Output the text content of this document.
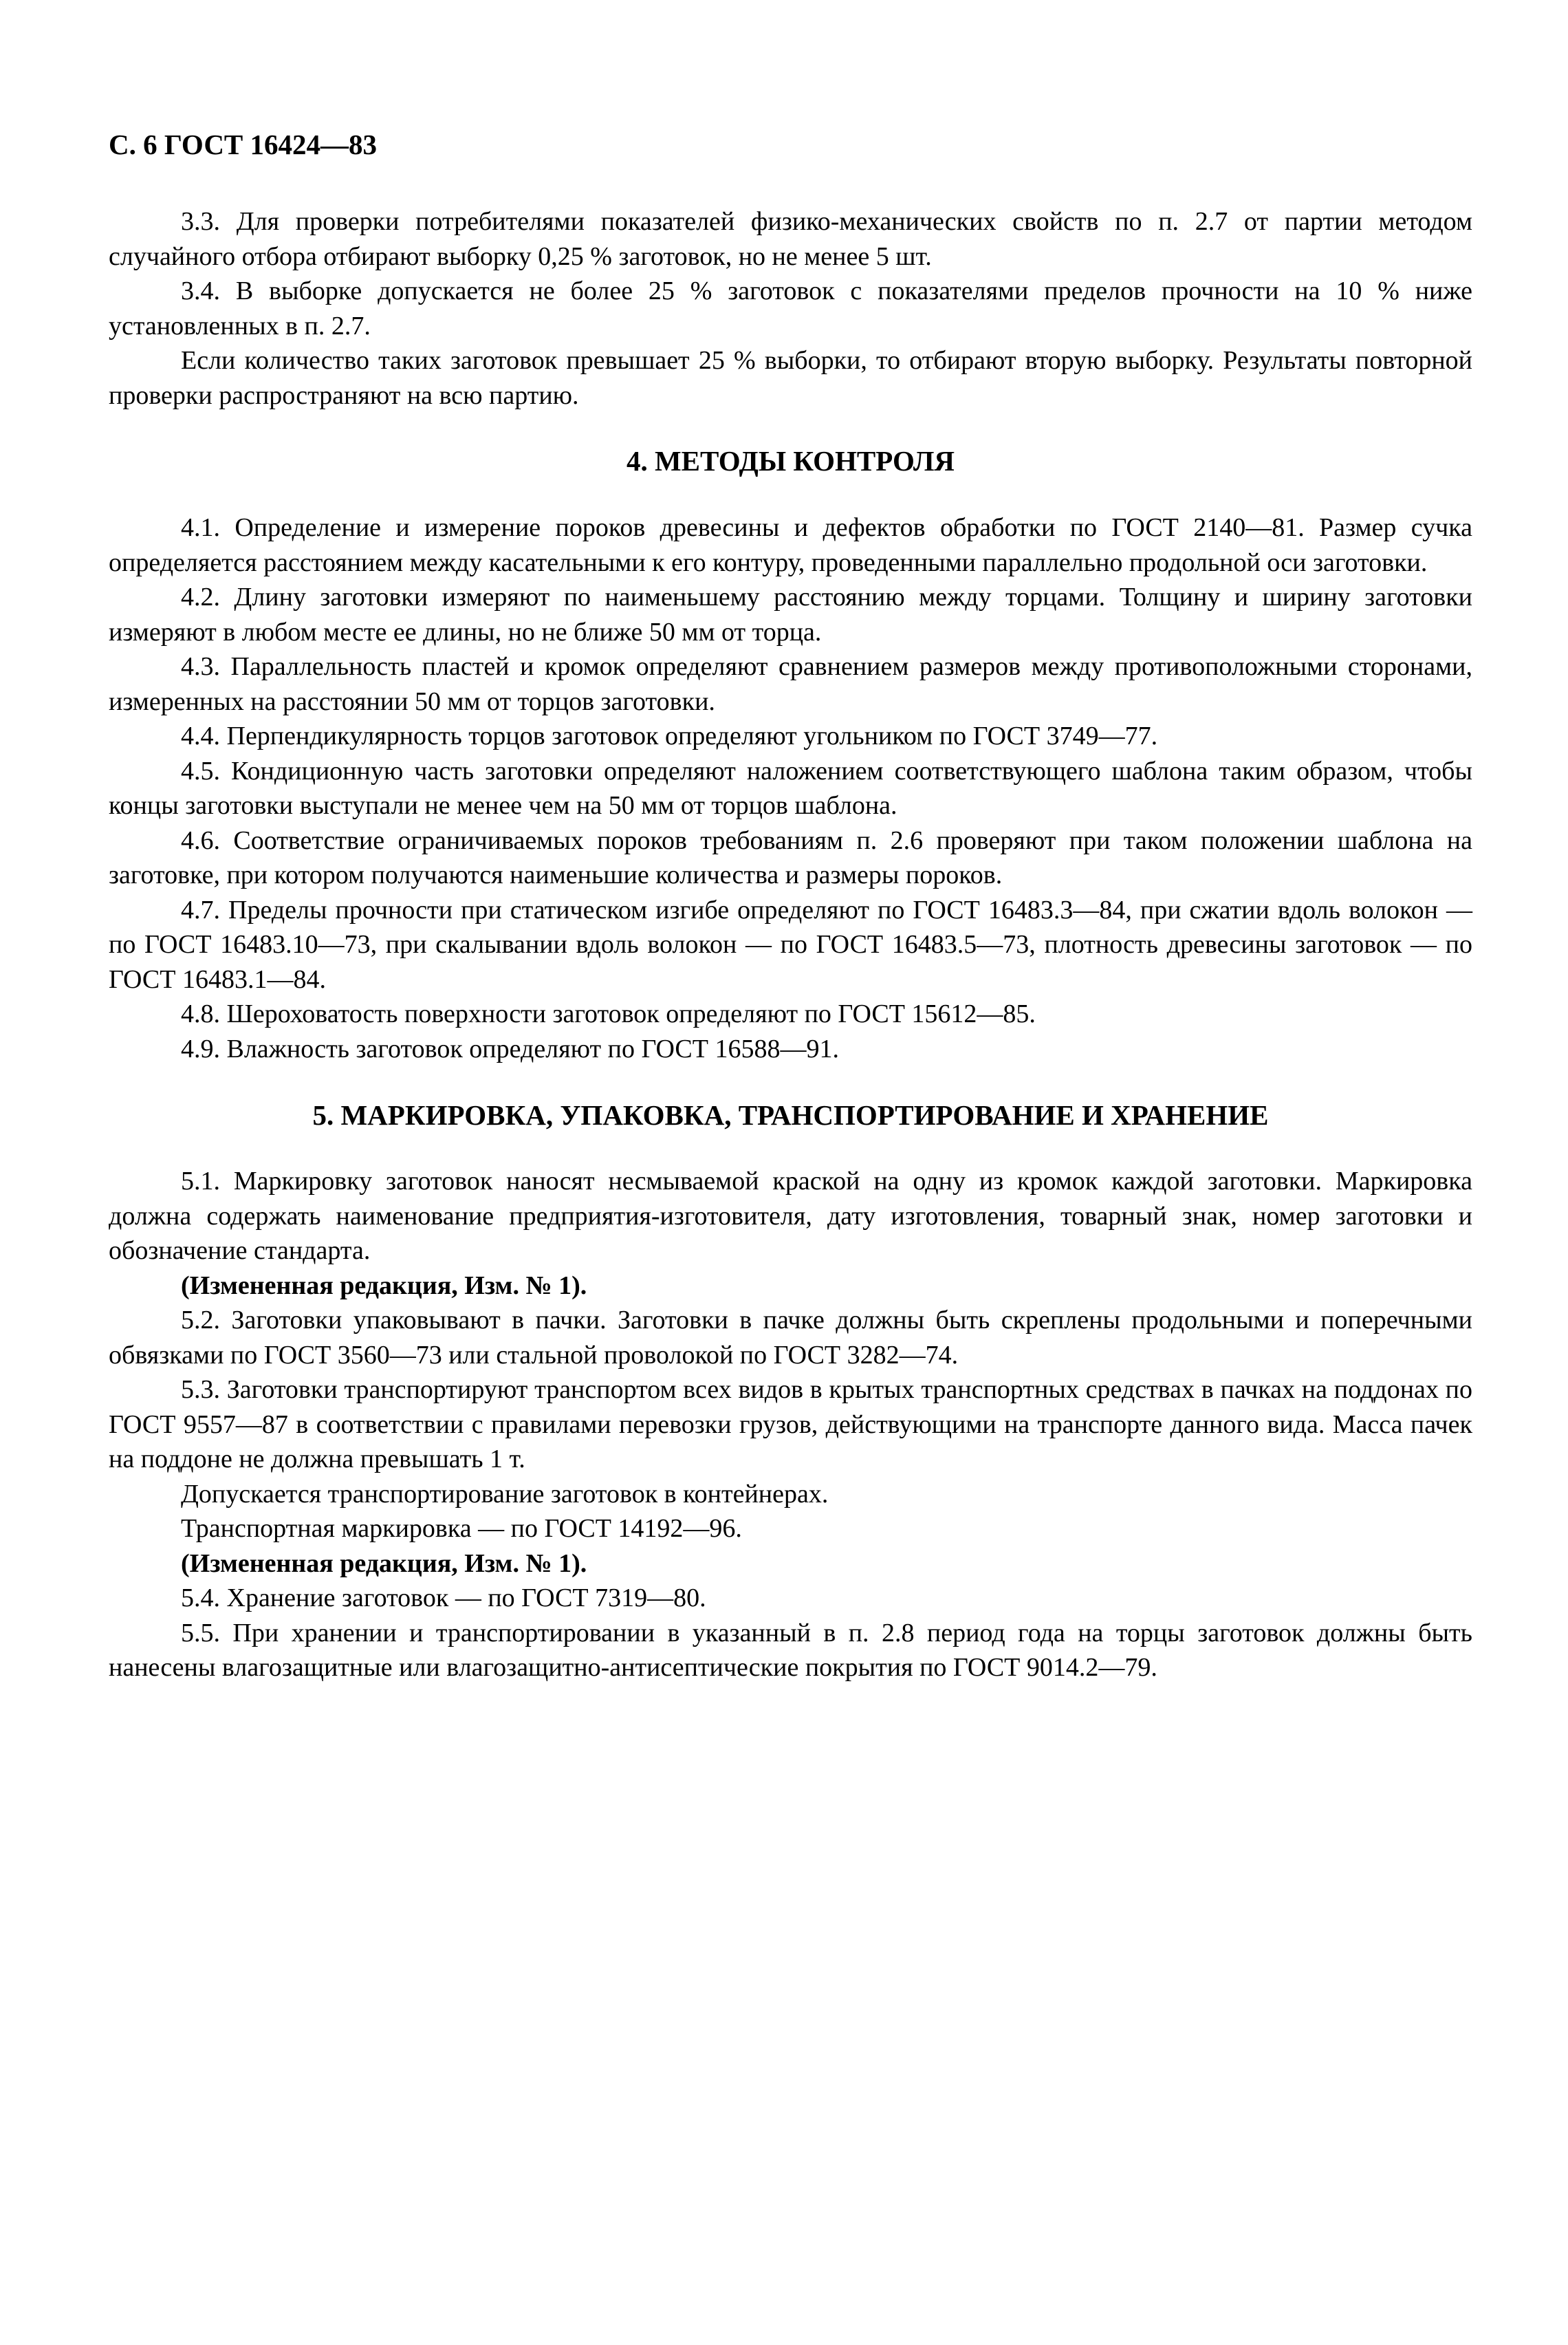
С. 6 ГОСТ 16424—83

3.3. Для проверки потребителями показателей физико-механических свойств по п. 2.7 от партии методом случайного отбора отбирают выборку 0,25 % заготовок, но не менее 5 шт.

3.4. В выборке допускается не более 25 % заготовок с показателями пределов прочности на 10 % ниже установленных в п. 2.7.

Если количество таких заготовок превышает 25 % выборки, то отбирают вторую выборку. Результаты повторной проверки распространяют на всю партию.

4. МЕТОДЫ КОНТРОЛЯ

4.1. Определение и измерение пороков древесины и дефектов обработки по ГОСТ 2140—81. Размер сучка определяется расстоянием между касательными к его контуру, проведенными параллельно продольной оси заготовки.

4.2. Длину заготовки измеряют по наименьшему расстоянию между торцами. Толщину и ширину заготовки измеряют в любом месте ее длины, но не ближе 50 мм от торца.

4.3. Параллельность пластей и кромок определяют сравнением размеров между противоположными сторонами, измеренных на расстоянии 50 мм от торцов заготовки.

4.4. Перпендикулярность торцов заготовок определяют угольником по ГОСТ 3749—77.

4.5. Кондиционную часть заготовки определяют наложением соответствующего шаблона таким образом, чтобы концы заготовки выступали не менее чем на 50 мм от торцов шаблона.

4.6. Соответствие ограничиваемых пороков требованиям п. 2.6 проверяют при таком положении шаблона на заготовке, при котором получаются наименьшие количества и размеры пороков.

4.7. Пределы прочности при статическом изгибе определяют по ГОСТ 16483.3—84, при сжатии вдоль волокон — по ГОСТ 16483.10—73, при скалывании вдоль волокон — по ГОСТ 16483.5—73, плотность древесины заготовок — по ГОСТ 16483.1—84.

4.8. Шероховатость поверхности заготовок определяют по ГОСТ 15612—85.

4.9. Влажность заготовок определяют по ГОСТ 16588—91.

5. МАРКИРОВКА, УПАКОВКА, ТРАНСПОРТИРОВАНИЕ И ХРАНЕНИЕ

5.1. Маркировку заготовок наносят несмываемой краской на одну из кромок каждой заготовки. Маркировка должна содержать наименование предприятия-изготовителя, дату изготовления, товарный знак, номер заготовки и обозначение стандарта.

(Измененная редакция, Изм. № 1).

5.2. Заготовки упаковывают в пачки. Заготовки в пачке должны быть скреплены продольными и поперечными обвязками по ГОСТ 3560—73 или стальной проволокой по ГОСТ 3282—74.

5.3. Заготовки транспортируют транспортом всех видов в крытых транспортных средствах в пачках на поддонах по ГОСТ 9557—87 в соответствии с правилами перевозки грузов, действующими на транспорте данного вида. Масса пачек на поддоне не должна превышать 1 т.

Допускается транспортирование заготовок в контейнерах.

Транспортная маркировка — по ГОСТ 14192—96.

(Измененная редакция, Изм. № 1).

5.4. Хранение заготовок — по ГОСТ 7319—80.

5.5. При хранении и транспортировании в указанный в п. 2.8 период года на торцы заготовок должны быть нанесены влагозащитные или влагозащитно-антисептические покрытия по ГОСТ 9014.2—79.
